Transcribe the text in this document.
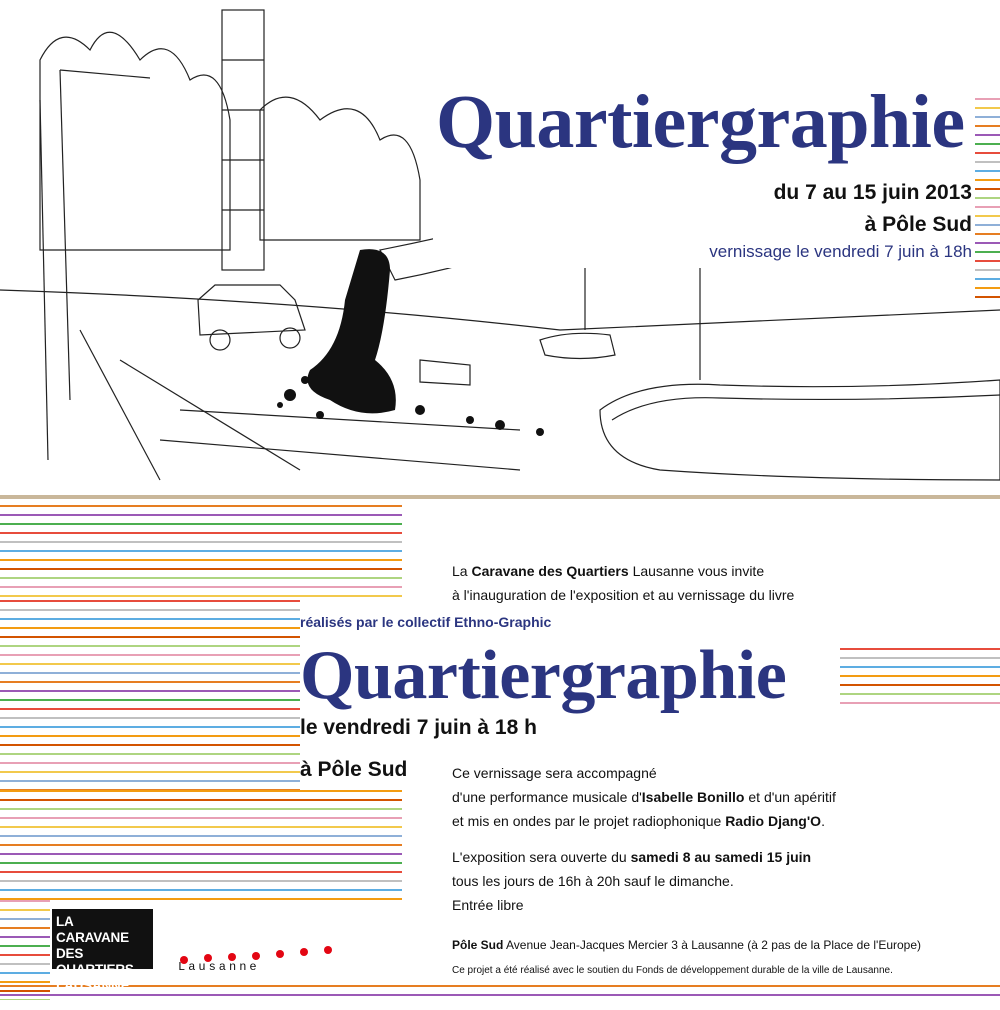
Quartiergraphie
du 7 au 15 juin 2013
à Pôle Sud
vernissage le vendredi 7 juin à 18h
La Caravane des Quartiers Lausanne vous invite
à l'inauguration de l'exposition et au vernissage du livre
réalisés par le collectif Ethno-Graphic
Quartiergraphie
le vendredi 7 juin à 18 h
à Pôle Sud	Ce vernissage sera accompagné
d'une performance musicale d'Isabelle Bonillo et d'un apéritif
et mis en ondes par le projet radiophonique Radio Djang'O.
L'exposition sera ouverte du samedi 8 au samedi 15 juin
tous les jours de 16h à 20h sauf le dimanche.
Entrée libre
Pôle Sud Avenue Jean-Jacques Mercier 3 à Lausanne (à 2 pas de la Place de l'Europe)
Ce projet a été réalisé avec le soutien du Fonds de développement durable de la ville de Lausanne.
LA CARAVANE
DES QUARTIERS
LAUSANNE 2012
Lausanne
